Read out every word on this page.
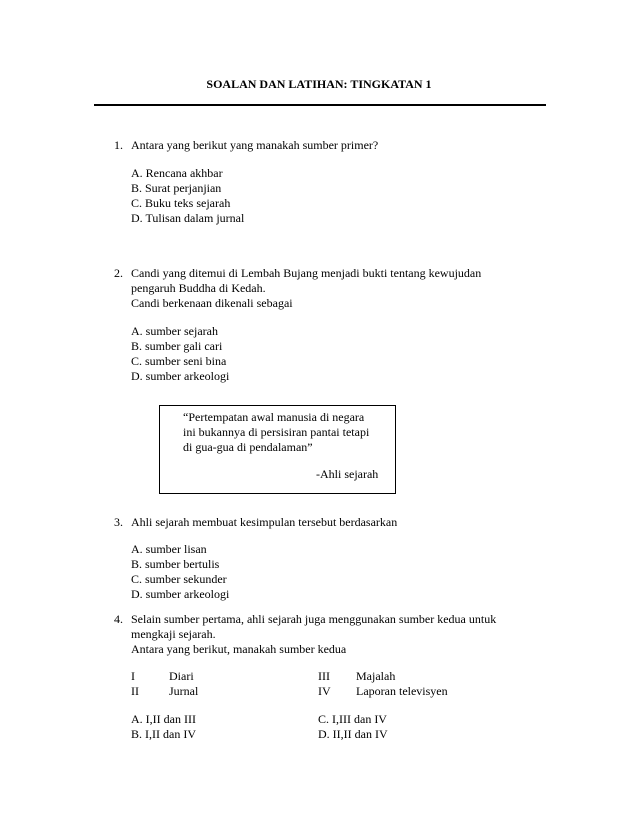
SOALAN DAN LATIHAN: TINGKATAN 1
1. Antara yang berikut yang manakah sumber primer?
A. Rencana akhbar
B. Surat perjanjian
C. Buku teks sejarah
D. Tulisan dalam jurnal
2. Candi yang ditemui di Lembah Bujang menjadi bukti tentang kewujudan
pengaruh Buddha di Kedah.
Candi berkenaan dikenali sebagai
A. sumber sejarah
B. sumber gali cari
C. sumber seni bina
D. sumber arkeologi
“Pertempatan awal manusia di negara
ini bukannya di persisiran pantai tetapi
di gua-gua di pendalaman”
-Ahli sejarah
3. Ahli sejarah membuat kesimpulan tersebut berdasarkan
A. sumber lisan
B. sumber bertulis
C. sumber sekunder
D. sumber arkeologi
4. Selain sumber pertama, ahli sejarah juga menggunakan sumber kedua untuk
mengkaji sejarah.
Antara yang berikut, manakah sumber kedua
I	Diari
II	Jurnal
III Majalah
IV Laporan televisyen
A. I,II dan III
B. I,II dan IV
C. I,III dan IV
D. II,II dan IV
